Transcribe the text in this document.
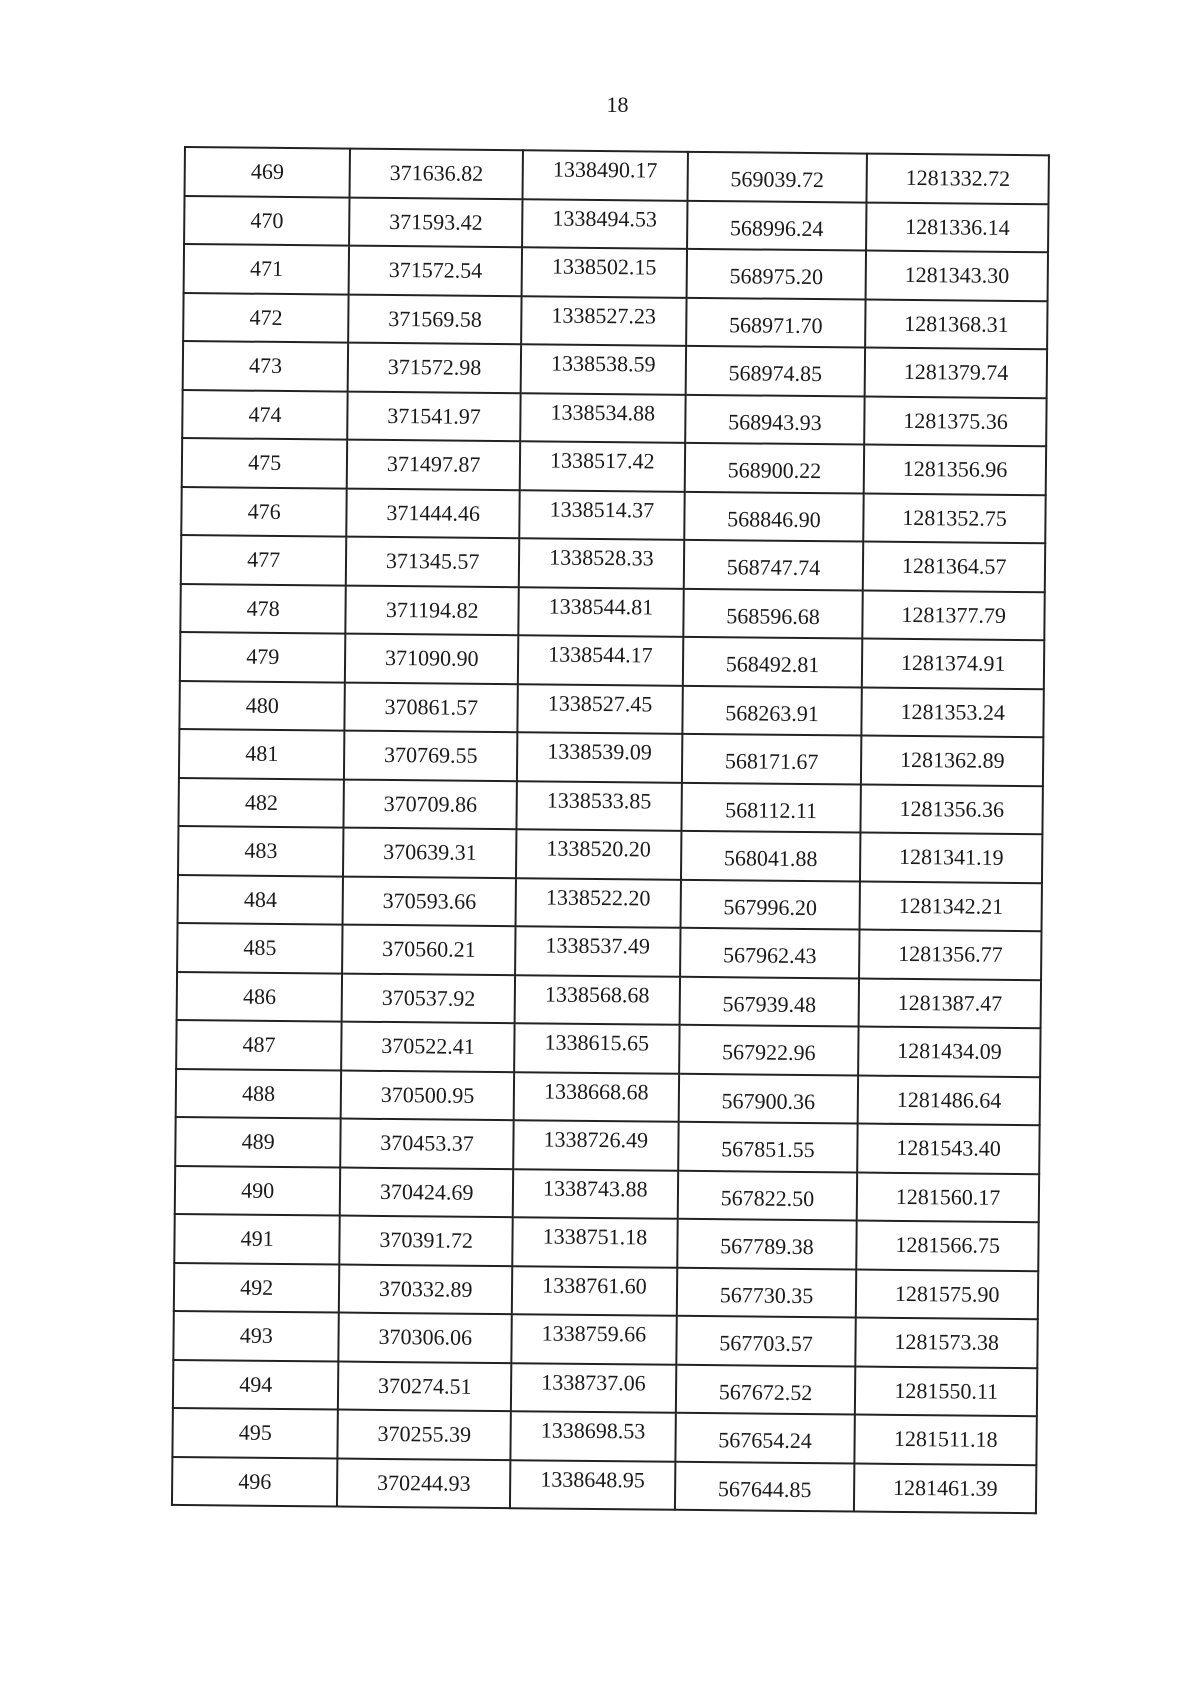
18
469	371636.82	1338490.17	569039.72	1281332.72
470	371593.42	1338494.53	568996.24	1281336.14
471	371572.54	1338502.15	568975.20	1281343.30
472	371569.58	1338527.23	568971.70	1281368.31
473	371572.98	1338538.59	568974.85	1281379.74
474	371541.97	1338534.88	568943.93	1281375.36
475	371497.87	1338517.42	568900.22	1281356.96
476	371444.46	1338514.37	568846.90	1281352.75
477	371345.57	1338528.33	568747.74	1281364.57
478	371194.82	1338544.81	568596.68	1281377.79
479	371090.90	1338544.17	568492.81	1281374.91
480	370861.57	1338527.45	568263.91	1281353.24
481	370769.55	1338539.09	568171.67	1281362.89
482	370709.86	1338533.85	568112.11	1281356.36
483	370639.31	1338520.20	568041.88	1281341.19
484	370593.66	1338522.20	567996.20	1281342.21
485	370560.21	1338537.49	567962.43	1281356.77
486	370537.92	1338568.68	567939.48	1281387.47
487	370522.41	1338615.65	567922.96	1281434.09
488	370500.95	1338668.68	567900.36	1281486.64
489	370453.37	1338726.49	567851.55	1281543.40
490	370424.69	1338743.88	567822.50	1281560.17
491	370391.72	1338751.18	567789.38	1281566.75
492	370332.89	1338761.60	567730.35	1281575.90
493	370306.06	1338759.66	567703.57	1281573.38
494	370274.51	1338737.06	567672.52	1281550.11
495	370255.39	1338698.53	567654.24	1281511.18
496	370244.93	1338648.95	567644.85	1281461.39
